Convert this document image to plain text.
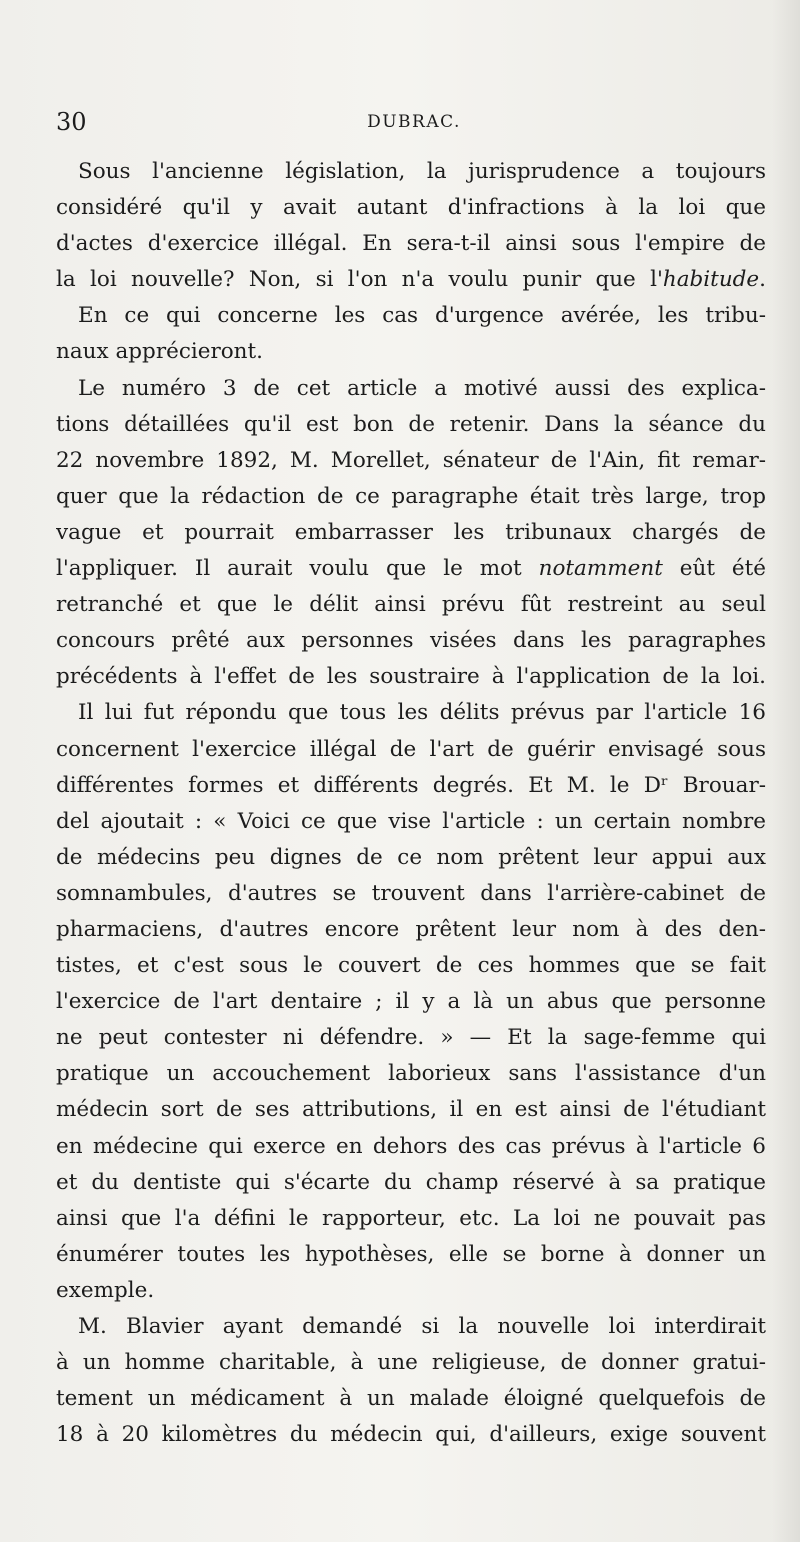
30	DUBRAC.
Sous l'ancienne législation, la jurisprudence a toujours
considéré qu'il y avait autant d'infractions à la loi que
d'actes d'exercice illégal. En sera-t-il ainsi sous l'empire de
la loi nouvelle? Non, si l'on n'a voulu punir que l'habitude.
En ce qui concerne les cas d'urgence avérée, les tribu-
naux apprécieront.
Le numéro 3 de cet article a motivé aussi des explica-
tions détaillées qu'il est bon de retenir. Dans la séance du
22 novembre 1892, M. Morellet, sénateur de l'Ain, fit remar-
quer que la rédaction de ce paragraphe était très large, trop
vague et pourrait embarrasser les tribunaux chargés de
l'appliquer. Il aurait voulu que le mot notamment eût été
retranché et que le délit ainsi prévu fût restreint au seul
concours prêté aux personnes visées dans les paragraphes
précédents à l'effet de les soustraire à l'application de la loi.
Il lui fut répondu que tous les délits prévus par l'article 16
concernent l'exercice illégal de l'art de guérir envisagé sous
différentes formes et différents degrés. Et M. le Dʳ Brouar-
del ajoutait : « Voici ce que vise l'article : un certain nombre
de médecins peu dignes de ce nom prêtent leur appui aux
somnambules, d'autres se trouvent dans l'arrière-cabinet de
pharmaciens, d'autres encore prêtent leur nom à des den-
tistes, et c'est sous le couvert de ces hommes que se fait
l'exercice de l'art dentaire ; il y a là un abus que personne
ne peut contester ni défendre. » — Et la sage-femme qui
pratique un accouchement laborieux sans l'assistance d'un
médecin sort de ses attributions, il en est ainsi de l'étudiant
en médecine qui exerce en dehors des cas prévus à l'article 6
et du dentiste qui s'écarte du champ réservé à sa pratique
ainsi que l'a défini le rapporteur, etc. La loi ne pouvait pas
énumérer toutes les hypothèses, elle se borne à donner un
exemple.
M. Blavier ayant demandé si la nouvelle loi interdirait
à un homme charitable, à une religieuse, de donner gratui-
tement un médicament à un malade éloigné quelquefois de
18 à 20 kilomètres du médecin qui, d'ailleurs, exige souvent
